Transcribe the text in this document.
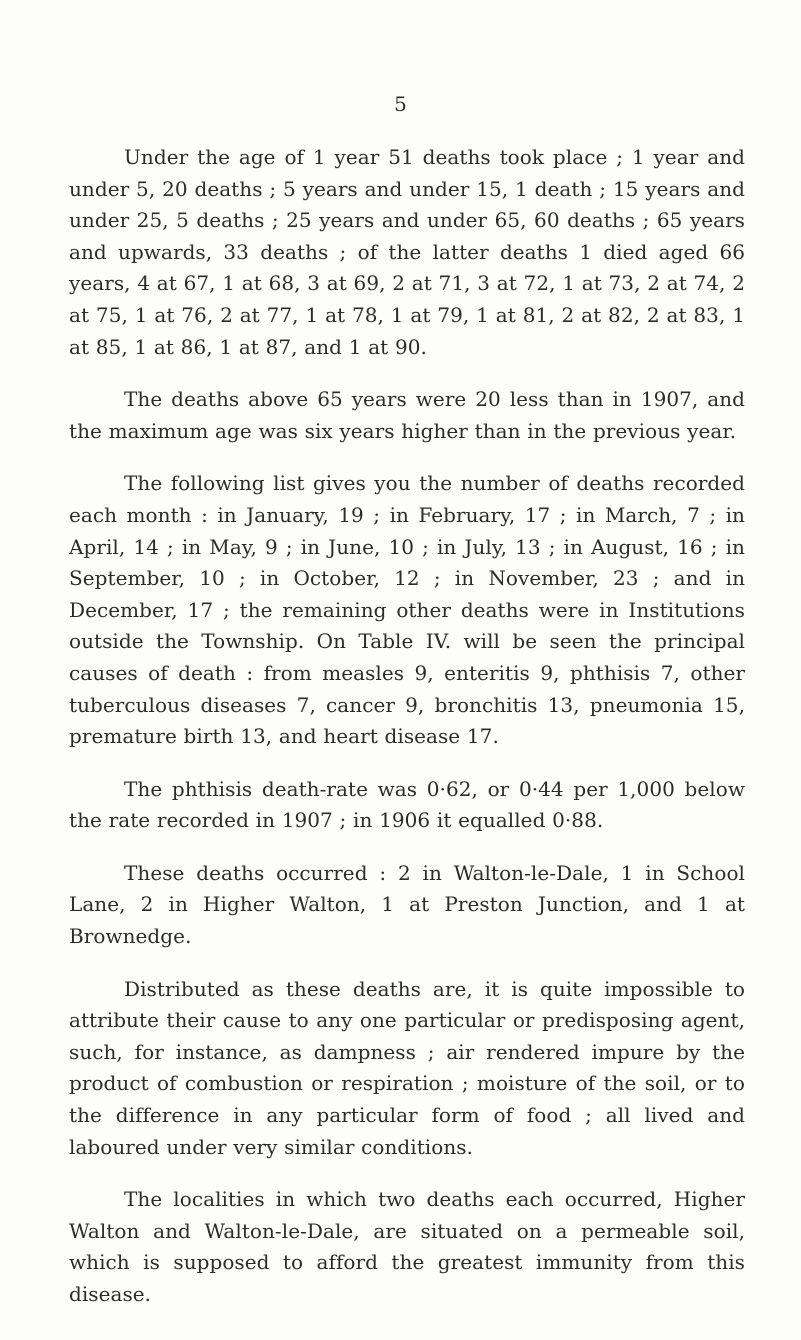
5

Under the age of 1 year 51 deaths took place ; 1 year and under 5, 20 deaths ; 5 years and under 15, 1 death ; 15 years and under 25, 5 deaths ; 25 years and under 65, 60 deaths ; 65 years and upwards, 33 deaths ; of the latter deaths 1 died aged 66 years, 4 at 67, 1 at 68, 3 at 69, 2 at 71, 3 at 72, 1 at 73, 2 at 74, 2 at 75, 1 at 76, 2 at 77, 1 at 78, 1 at 79, 1 at 81, 2 at 82, 2 at 83, 1 at 85, 1 at 86, 1 at 87, and 1 at 90.

The deaths above 65 years were 20 less than in 1907, and the maximum age was six years higher than in the previous year.

The following list gives you the number of deaths recorded each month : in January, 19 ; in February, 17 ; in March, 7 ; in April, 14 ; in May, 9 ; in June, 10 ; in July, 13 ; in August, 16 ; in September, 10 ; in October, 12 ; in November, 23 ; and in December, 17 ; the remaining other deaths were in Institutions outside the Township. On Table IV. will be seen the principal causes of death : from measles 9, enteritis 9, phthisis 7, other tuberculous diseases 7, cancer 9, bronchitis 13, pneumonia 15, premature birth 13, and heart disease 17.

The phthisis death-rate was 0·62, or 0·44 per 1,000 below the rate recorded in 1907 ; in 1906 it equalled 0·88.

These deaths occurred : 2 in Walton-le-Dale, 1 in School Lane, 2 in Higher Walton, 1 at Preston Junction, and 1 at Brownedge.

Distributed as these deaths are, it is quite impossible to attribute their cause to any one particular or predisposing agent, such, for instance, as dampness ; air rendered impure by the product of combustion or respiration ; moisture of the soil, or to the difference in any particular form of food ; all lived and laboured under very similar conditions.

The localities in which two deaths each occurred, Higher Walton and Walton-le-Dale, are situated on a permeable soil, which is supposed to afford the greatest immunity from this disease.
